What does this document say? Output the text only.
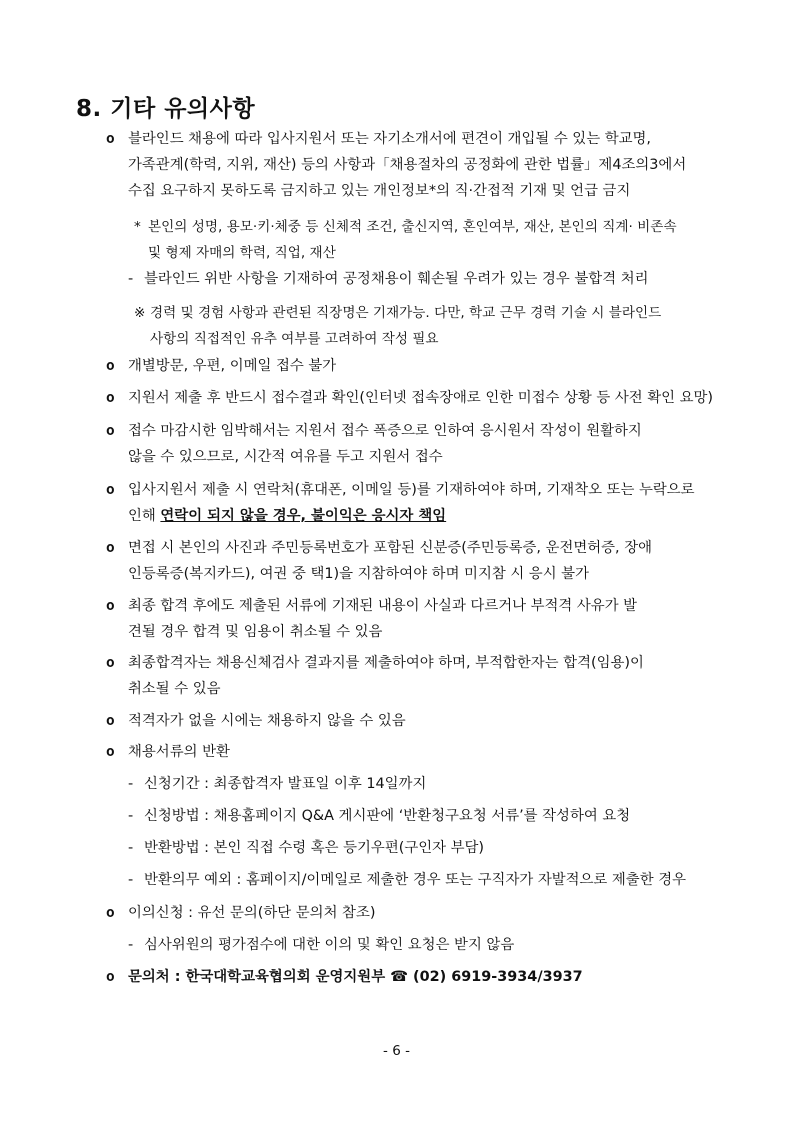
8. 기타 유의사항
o 블라인드 채용에 따라 입사지원서 또는 자기소개서에 편견이 개입될 수 있는 학교명,
가족관계(학력, 지위, 재산) 등의 사항과「채용절차의 공정화에 관한 법률」제4조의3에서
수집 요구하지 못하도록 금지하고 있는 개인정보*의 직·간접적 기재 및 언급 금지
* 본인의 성명, 용모·키·체중 등 신체적 조건, 출신지역, 혼인여부, 재산, 본인의 직계· 비존속
및 형제 자매의 학력, 직업, 재산
- 블라인드 위반 사항을 기재하여 공정채용이 훼손될 우려가 있는 경우 불합격 처리
※ 경력 및 경험 사항과 관련된 직장명은 기재가능. 다만, 학교 근무 경력 기술 시 블라인드
사항의 직접적인 유추 여부를 고려하여 작성 필요
o 개별방문, 우편, 이메일 접수 불가
o 지원서 제출 후 반드시 접수결과 확인(인터넷 접속장애로 인한 미접수 상황 등 사전 확인 요망)
o 접수 마감시한 임박해서는 지원서 접수 폭증으로 인하여 응시원서 작성이 원활하지
않을 수 있으므로, 시간적 여유를 두고 지원서 접수
o 입사지원서 제출 시 연락처(휴대폰, 이메일 등)를 기재하여야 하며, 기재착오 또는 누락으로
인해 연락이 되지 않을 경우, 불이익은 응시자 책임
o 면접 시 본인의 사진과 주민등록번호가 포함된 신분증(주민등록증, 운전면허증, 장애
인등록증(복지카드), 여권 중 택1)을 지참하여야 하며 미지참 시 응시 불가
o 최종 합격 후에도 제출된 서류에 기재된 내용이 사실과 다르거나 부적격 사유가 발
견될 경우 합격 및 임용이 취소될 수 있음
o 최종합격자는 채용신체검사 결과지를 제출하여야 하며, 부적합한자는 합격(임용)이
취소될 수 있음
o 적격자가 없을 시에는 채용하지 않을 수 있음
o 채용서류의 반환
- 신청기간 : 최종합격자 발표일 이후 14일까지
- 신청방법 : 채용홈페이지 Q&A 게시판에 ‘반환청구요청 서류’를 작성하여 요청
- 반환방법 : 본인 직접 수령 혹은 등기우편(구인자 부담)
- 반환의무 예외 : 홈페이지/이메일로 제출한 경우 또는 구직자가 자발적으로 제출한 경우
o 이의신청 : 유선 문의(하단 문의처 참조)
- 심사위원의 평가점수에 대한 이의 및 확인 요청은 받지 않음
o 문의처 : 한국대학교육협의회 운영지원부 ☎ (02) 6919-3934/3937
- 6 -
